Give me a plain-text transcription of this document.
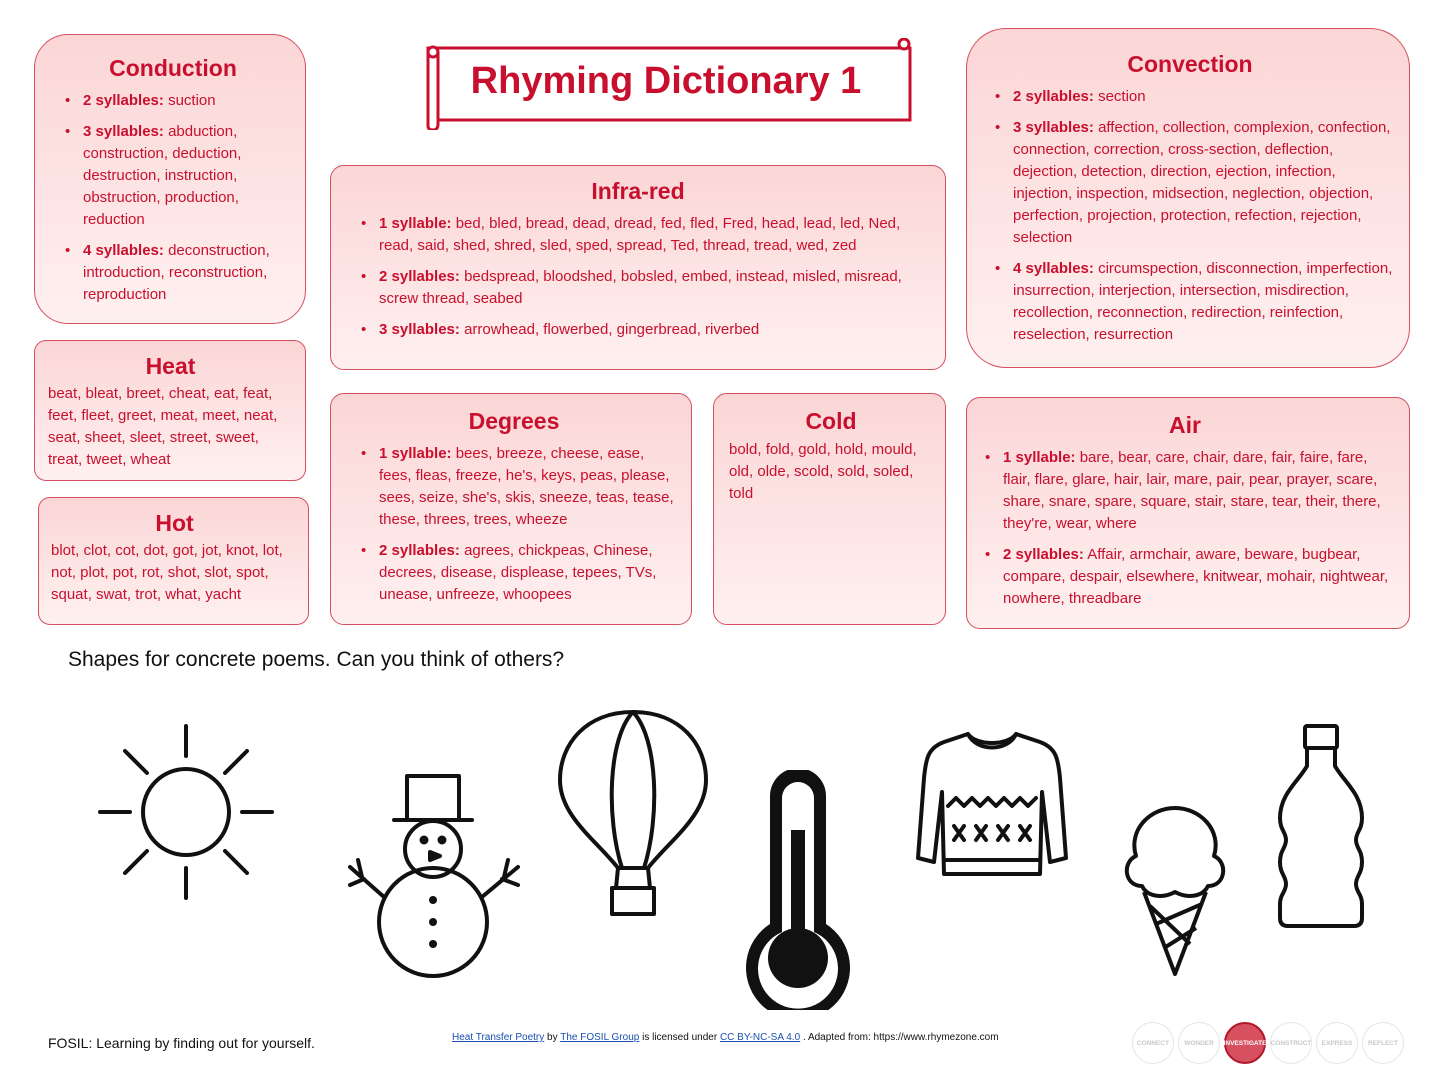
Rhyming Dictionary 1
Conduction
• 2 syllables: suction
• 3 syllables: abduction, construction, deduction, destruction, instruction, obstruction, production, reduction
• 4 syllables: deconstruction, introduction, reconstruction, reproduction
Heat

beat, bleat, breet, cheat, eat, feat, feet, fleet, greet, meat, meet, neat, seat, sheet, sleet, street, sweet, treat, tweet, wheat

Hot

blot, clot, cot, dot, got, jot, knot, lot, not, plot, pot, rot, shot, slot, spot, squat, swat, trot, what, yacht

Infra-red
• 1 syllable: bed, bled, bread, dead, dread, fed, fled, Fred, head, lead, led, Ned, read, said, shed, shred, sled, sped, spread, Ted, thread, tread, wed, zed
• 2 syllables: bedspread, bloodshed, bobsled, embed, instead, misled, misread, screw thread, seabed
• 3 syllables: arrowhead, flowerbed, gingerbread, riverbed
Degrees
• 1 syllable: bees, breeze, cheese, ease, fees, fleas, freeze, he's, keys, peas, please, sees, seize, she's, skis, sneeze, teas, tease, these, threes, trees, wheeze
• 2 syllables: agrees, chickpeas, Chinese, decrees, disease, displease, tepees, TVs, unease, unfreeze, whoopees
Cold

bold, fold, gold, hold, mould, old, olde, scold, sold, soled, told

Convection
• 2 syllables: section
• 3 syllables: affection, collection, complexion, confection, connection, correction, cross-section, deflection, dejection, detection, direction, ejection, infection, injection, inspection, midsection, neglection, objection, perfection, projection, protection, refection, rejection, selection
• 4 syllables: circumspection, disconnection, imperfection, insurrection, interjection, intersection, misdirection, recollection, reconnection, redirection, reinfection, reselection, resurrection
Air
• 1 syllable: bare, bear, care, chair, dare, fair, faire, fare, flair, flare, glare, hair, lair, mare, pair, pear, prayer, scare, share, snare, spare, square, stair, stare, tear, their, there, they're, wear, where
• 2 syllables: Affair, armchair, aware, beware, bugbear, compare, despair, elsewhere, knitwear, mohair, nightwear, nowhere, threadbare
Shapes for concrete poems. Can you think of others?
FOSIL: Learning by finding out for yourself.	Heat Transfer Poetry by The FOSIL Group is licensed under CC BY-NC-SA 4.0 . Adapted from: https://www.rhymezone.com	CONNECT	WONDER	INVESTIGATE CONSTRUCT	EXPRESS	REFLECT
